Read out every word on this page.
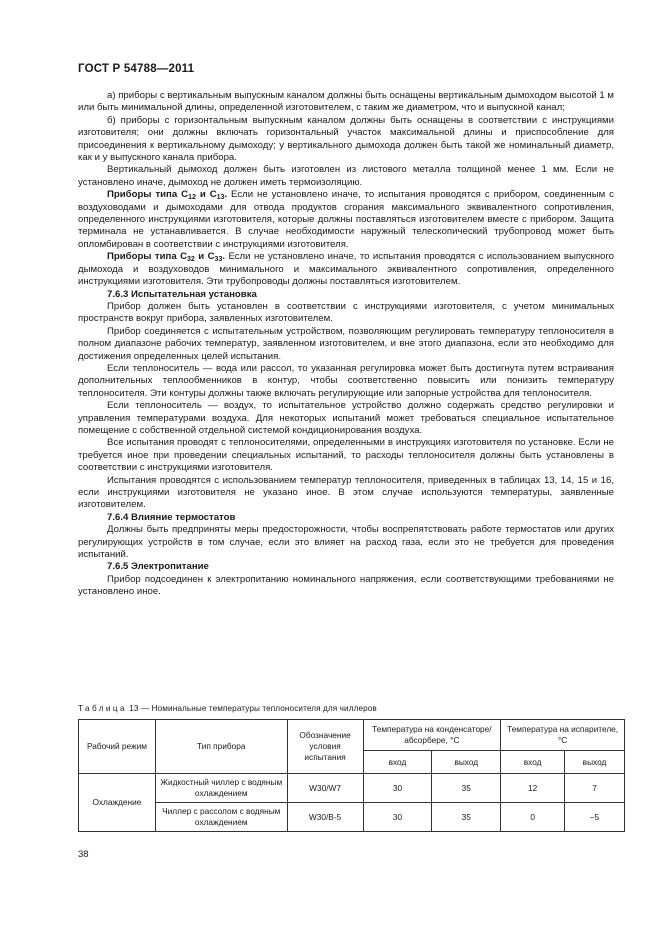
ГОСТ Р 54788—2011

а) приборы с вертикальным выпускным каналом должны быть оснащены вертикальным дымоходом высотой 1 м или быть минимальной длины, определенной изготовителем, с таким же диаметром, что и выпускной канал;

б) приборы с горизонтальным выпускным каналом должны быть оснащены в соответствии с инструкциями изготовителя; они должны включать горизонтальный участок максимальной длины и приспособление для присоединения к вертикальному дымоходу; у вертикального дымохода должен быть такой же номинальный диаметр, как и у выпускного канала прибора.

Вертикальный дымоход должен быть изготовлен из листового металла толщиной менее 1 мм. Если не установлено иначе, дымоход не должен иметь термоизоляцию.

Приборы типа $C_{12}$ и $C_{13}$. Если не установлено иначе, то испытания проводятся с прибором, соединенным с воздуховодами и дымоходами для отвода продуктов сгорания максимального эквивалентного сопротивления, определенного инструкциями изготовителя, которые должны поставляться изготовителем вместе с прибором. Защита терминала не устанавливается. В случае необходимости наружный телескопический трубопровод может быть опломбирован в соответствии с инструкциями изготовителя.

Приборы типа $C_{32}$ и $C_{33}$. Если не установлено иначе, то испытания проводятся с использованием выпускного дымохода и воздуховодов минимального и максимального эквивалентного сопротивления, определенного инструкциями изготовителя. Эти трубопроводы должны поставляться изготовителем.

7.6.3 Испытательная установка

Прибор должен быть установлен в соответствии с инструкциями изготовителя, с учетом минимальных пространств вокруг прибора, заявленных изготовителем.

Прибор соединяется с испытательным устройством, позволяющим регулировать температуру теплоносителя в полном диапазоне рабочих температур, заявленном изготовителем, и вне этого диапазона, если это необходимо для достижения определенных целей испытания.

Если теплоноситель — вода или рассол, то указанная регулировка может быть достигнута путем встраивания дополнительных теплообменников в контур, чтобы соответственно повысить или понизить температуру теплоносителя. Эти контуры должны также включать регулирующие или запорные устройства для теплоносителя.

Если теплоноситель — воздух, то испытательное устройство должно содержать средство регулировки и управления температурами воздуха. Для некоторых испытаний может требоваться специальное испытательное помещение с собственной отдельной системой кондиционирования воздуха.

Все испытания проводят с теплоносителями, определенными в инструкциях изготовителя по установке. Если не требуется иное при проведении специальных испытаний, то расходы теплоносителя должны быть установлены в соответствии с инструкциями изготовителя.

Испытания проводятся с использованием температур теплоносителя, приведенных в таблицах 13, 14, 15 и 16, если инструкциями изготовителя не указано иное. В этом случае используются температуры, заявленные изготовителем.

7.6.4 Влияние термостатов

Должны быть предприняты меры предосторожности, чтобы воспрепятствовать работе термостатов или других регулирующих устройств в том случае, если это влияет на расход газа, если это не требуется для проведения испытаний.

7.6.5 Электропитание

Прибор подсоединен к электропитанию номинального напряжения, если соответствующими требованиями не установлено иное.

Таблица 13 — Номинальные температуры теплоносителя для чиллеров
Рабочий режим	Тип прибора	Обозначение условия испытания	Температура на конденсаторе/абсорбере, °С		Температура на испарителе, °С	
			вход	выход	вход	выход
Охлаждение	Жидкостный чиллер с водяным охлаждением	W30/W7	30	35	12	7
	Чиллер с рассолом с водяным охлаждением	W30/B-5	30	35	0	–5
38
